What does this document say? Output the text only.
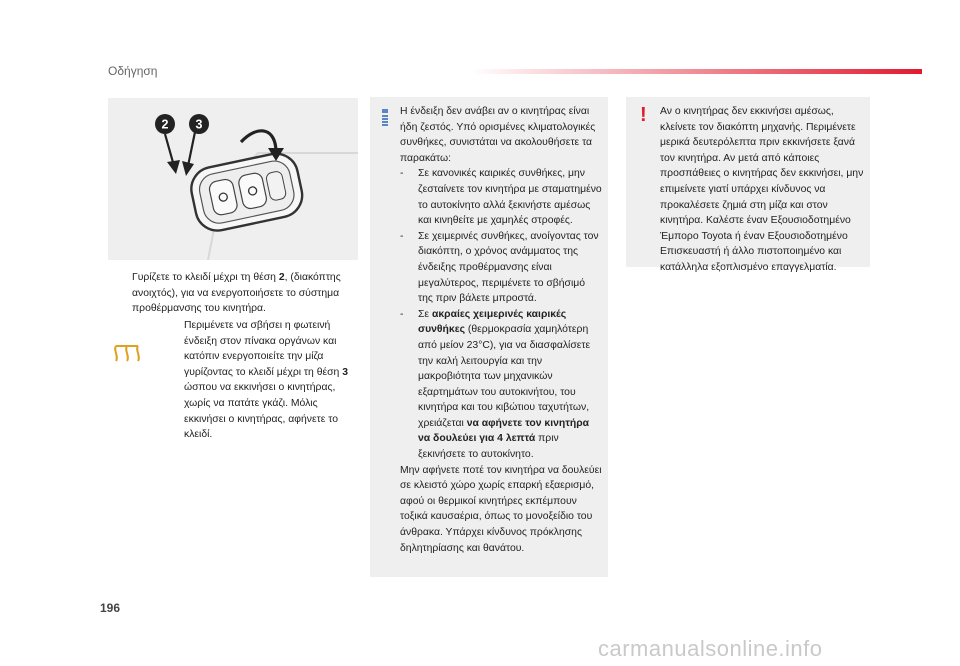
Οδήγηση
2 3
Γυρίζετε το κλειδί μέχρι τη θέση 2, (διακόπτης ανοιχτός), για να ενεργοποιήσετε το σύστημα προθέρμανσης του κινητήρα.
Περιμένετε να σβήσει η φωτεινή ένδειξη στον πίνακα οργάνων και κατόπιν ενεργοποιείτε την μίζα γυρίζοντας το κλειδί μέχρι τη θέση 3 ώσπου να εκκινήσει ο κινητήρας, χωρίς να πατάτε γκάζι. Μόλις εκκινήσει ο κινητήρας, αφήνετε το κλειδί.

Η ένδειξη δεν ανάβει αν ο κινητήρας είναι ήδη ζεστός. Υπό ορισμένες κλιματολογικές συνθήκες, συνιστάται να ακολουθήσετε τα παρακάτω:

- Σε κανονικές καιρικές συνθήκες, μην ζεσταίνετε τον κινητήρα με σταματημένο το αυτοκίνητο αλλά ξεκινήστε αμέσως και κινηθείτε με χαμηλές στροφές.
- Σε χειμερινές συνθήκες, ανοίγοντας τον διακόπτη, ο χρόνος ανάμματος της ένδειξης προθέρμανσης είναι μεγαλύτερος, περιμένετε το σβήσιμό της πριν βάλετε μπροστά.
- Σε ακραίες χειμερινές καιρικές συνθήκες (θερμοκρασία χαμηλότερη από μείον 23°C), για να διασφαλίσετε την καλή λειτουργία και την μακροβιότητα των μηχανικών εξαρτημάτων του αυτοκινήτου, του κινητήρα και του κιβώτιου ταχυτήτων, χρειάζεται να αφήνετε τον κινητήρα να δουλεύει για 4 λεπτά πριν ξεκινήσετε το αυτοκίνητο.

Μην αφήνετε ποτέ τον κινητήρα να δουλεύει σε κλειστό χώρο χωρίς επαρκή εξαερισμό, αφού οι θερμικοί κινητήρες εκπέμπουν τοξικά καυσαέρια, όπως το μονοξείδιο του άνθρακα. Υπάρχει κίνδυνος πρόκλησης δηλητηρίασης και θανάτου.

! Αν ο κινητήρας δεν εκκινήσει αμέσως, κλείνετε τον διακόπτη μηχανής. Περιμένετε μερικά δευτερόλεπτα πριν εκκινήσετε ξανά τον κινητήρα. Αν μετά από κάποιες προσπάθειες ο κινητήρας δεν εκκινήσει, μην επιμείνετε γιατί υπάρχει κίνδυνος να προκαλέσετε ζημιά στη μίζα και στον κινητήρα. Καλέστε έναν Εξουσιοδοτημένο Έμπορο Toyota ή έναν Εξουσιοδοτημένο Επισκευαστή ή άλλο πιστοποιημένο και κατάλληλα εξοπλισμένο επαγγελματία.
196
carmanualsonline.info
